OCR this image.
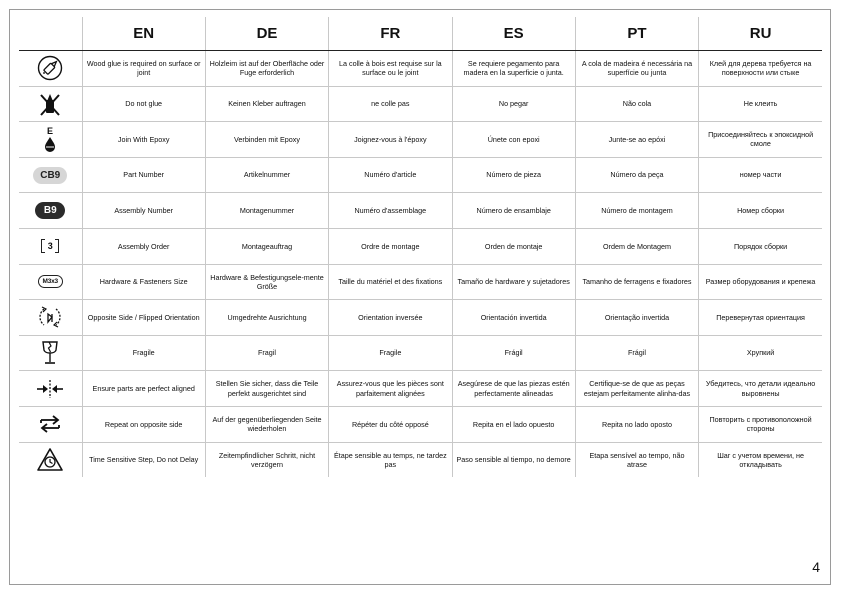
	EN	DE	FR	ES	PT	RU

	Wood glue is required on surface or joint	Holzleim ist auf der Oberfläche oder Fuge erforderlich	La colle à bois est requise sur la surface ou le joint	Se requiere pegamento para madera en la superficie o junta.	A cola de madeira é necessária na superfície ou junta	Клей для дерева требуется на поверхности или стыке

	Do not glue	Keinen Kleber auftragen	ne colle pas	No pegar	Não cola	Не клеить

E	Join With Epoxy	Verbinden mit Epoxy	Joignez-vous à l'époxy	Únete con epoxi	Junte-se ao epóxi	Присоединяйтесь к эпоксидной смоле

CB9	Part Number	Artikelnummer	Numéro d'article	Número de pieza	Número da peça	номер части

B9	Assembly Number	Montagenummer	Numéro d'assemblage	Número de ensamblaje	Número de montagem	Номер сборки

3	Assembly Order	Montageauftrag	Ordre de montage	Orden de montaje	Ordem de Montagem	Порядок сборки

M3x3	Hardware & Fasteners Size	Hardware & Befestigungsele-mente Größe	Taille du matériel et des fixations	Tamaño de hardware y sujetadores	Tamanho de ferragens e fixadores	Размер оборудования и крепежа

	Opposite Side / Flipped Orientation	Umgedrehte Ausrichtung	Orientation inversée	Orientación invertida	Orientação invertida	Перевернутая ориентация

	Fragile	Fragil	Fragile	Frágil	Frágil	Хрупкий

	Ensure parts are perfect aligned	Stellen Sie sicher, dass die Teile perfekt ausgerichtet sind	Assurez-vous que les pièces sont parfaitement alignées	Asegúrese de que las piezas estén perfectamente alineadas	Certifique-se de que as peças estejam perfeitamente alinha-das	Убедитесь, что детали идеально выровнены

	Repeat on opposite side	Auf der gegenüberliegenden Seite wiederholen	Répéter du côté opposé	Repita en el lado opuesto	Repita no lado oposto	Повторить с противоположной стороны

	Time Sensitive Step, Do not Delay	Zeitempfindlicher Schritt, nicht verzögern	Étape sensible au temps, ne tardez pas	Paso sensible al tiempo, no demore	Etapa sensível ao tempo, não atrase	Шаг с учетом времени, не откладывать
4
